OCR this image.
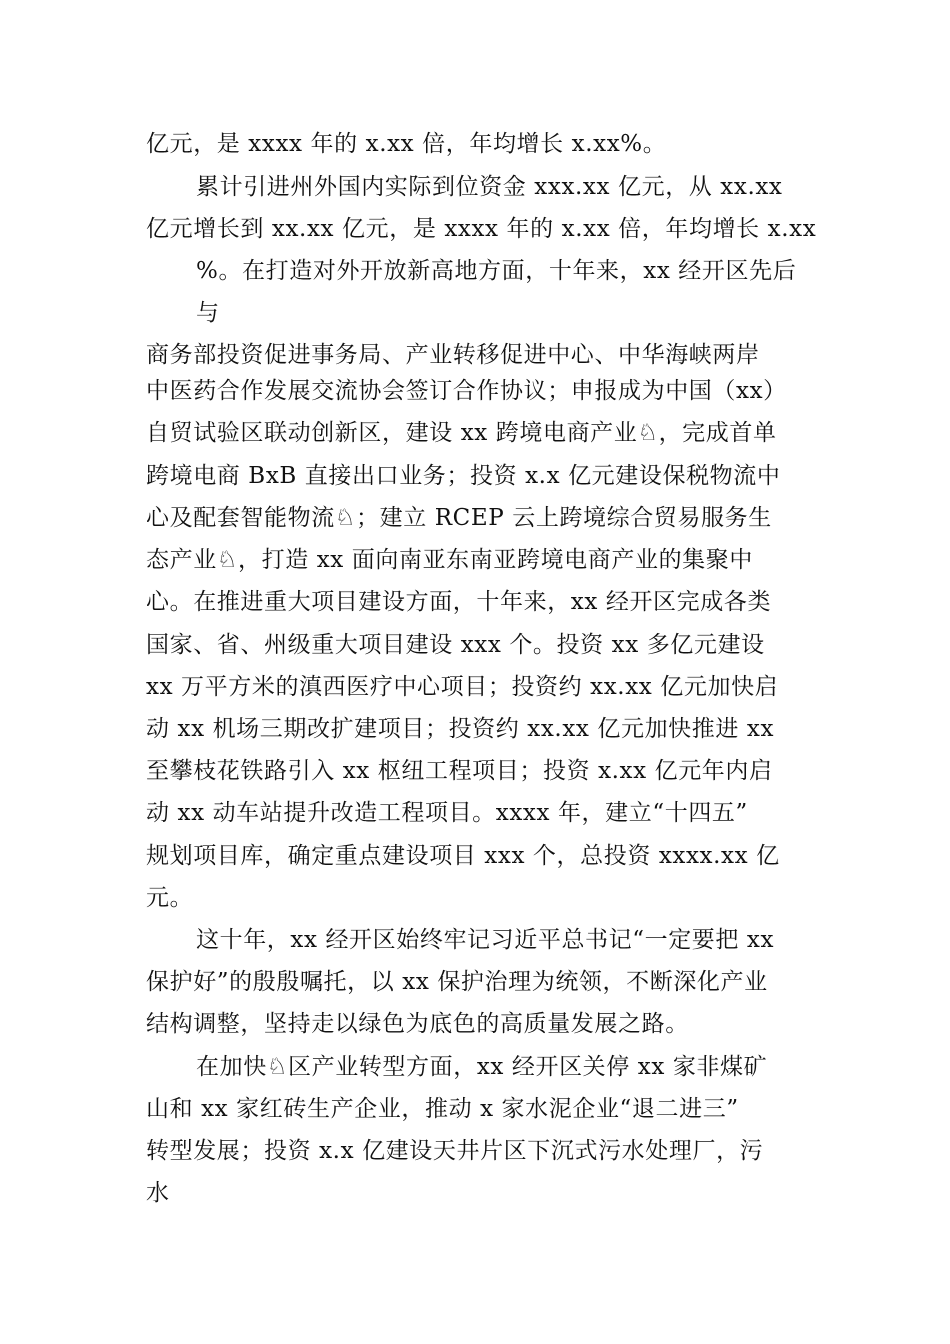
亿元，是 xxxx 年的 x.xx 倍，年均增长 x.xx%。
累计引进州外国内实际到位资金 xxx.xx 亿元，从 xx.xx
亿元增长到 xx.xx 亿元，是 xxxx 年的 x.xx 倍，年均增长 x.xx
%。在打造对外开放新高地方面，十年来，xx 经开区先后
与
商务部投资促进事务局、产业转移促进中心、中华海峡两岸
中医药合作发展交流协会签订合作协议；申报成为中国（xx）
自贸试验区联动创新区，建设 xx 跨境电商产业♘，完成首单
跨境电商 BxB 直接出口业务；投资 x.x 亿元建设保税物流中
心及配套智能物流♘；建立 RCEP 云上跨境综合贸易服务生
态产业♘，打造 xx 面向南亚东南亚跨境电商产业的集聚中
心。在推进重大项目建设方面，十年来，xx 经开区完成各类
国家、省、州级重大项目建设 xxx 个。投资 xx 多亿元建设
xx 万平方米的滇西医疗中心项目；投资约 xx.xx 亿元加快启
动 xx 机场三期改扩建项目；投资约 xx.xx 亿元加快推进 xx
至攀枝花铁路引入 xx 枢纽工程项目；投资 x.xx 亿元年内启
动 xx 动车站提升改造工程项目。xxxx 年，建立“十四五”
规划项目库，确定重点建设项目 xxx 个，总投资 xxxx.xx 亿
元。
这十年，xx 经开区始终牢记习近平总书记“一定要把 xx
保护好”的殷殷嘱托，以 xx 保护治理为统领，不断深化产业
结构调整，坚持走以绿色为底色的高质量发展之路。
在加快♘区产业转型方面，xx 经开区关停 xx 家非煤矿
山和 xx 家红砖生产企业，推动 x 家水泥企业“退二进三”
转型发展；投资 x.x 亿建设天井片区下沉式污水处理厂，污
水
